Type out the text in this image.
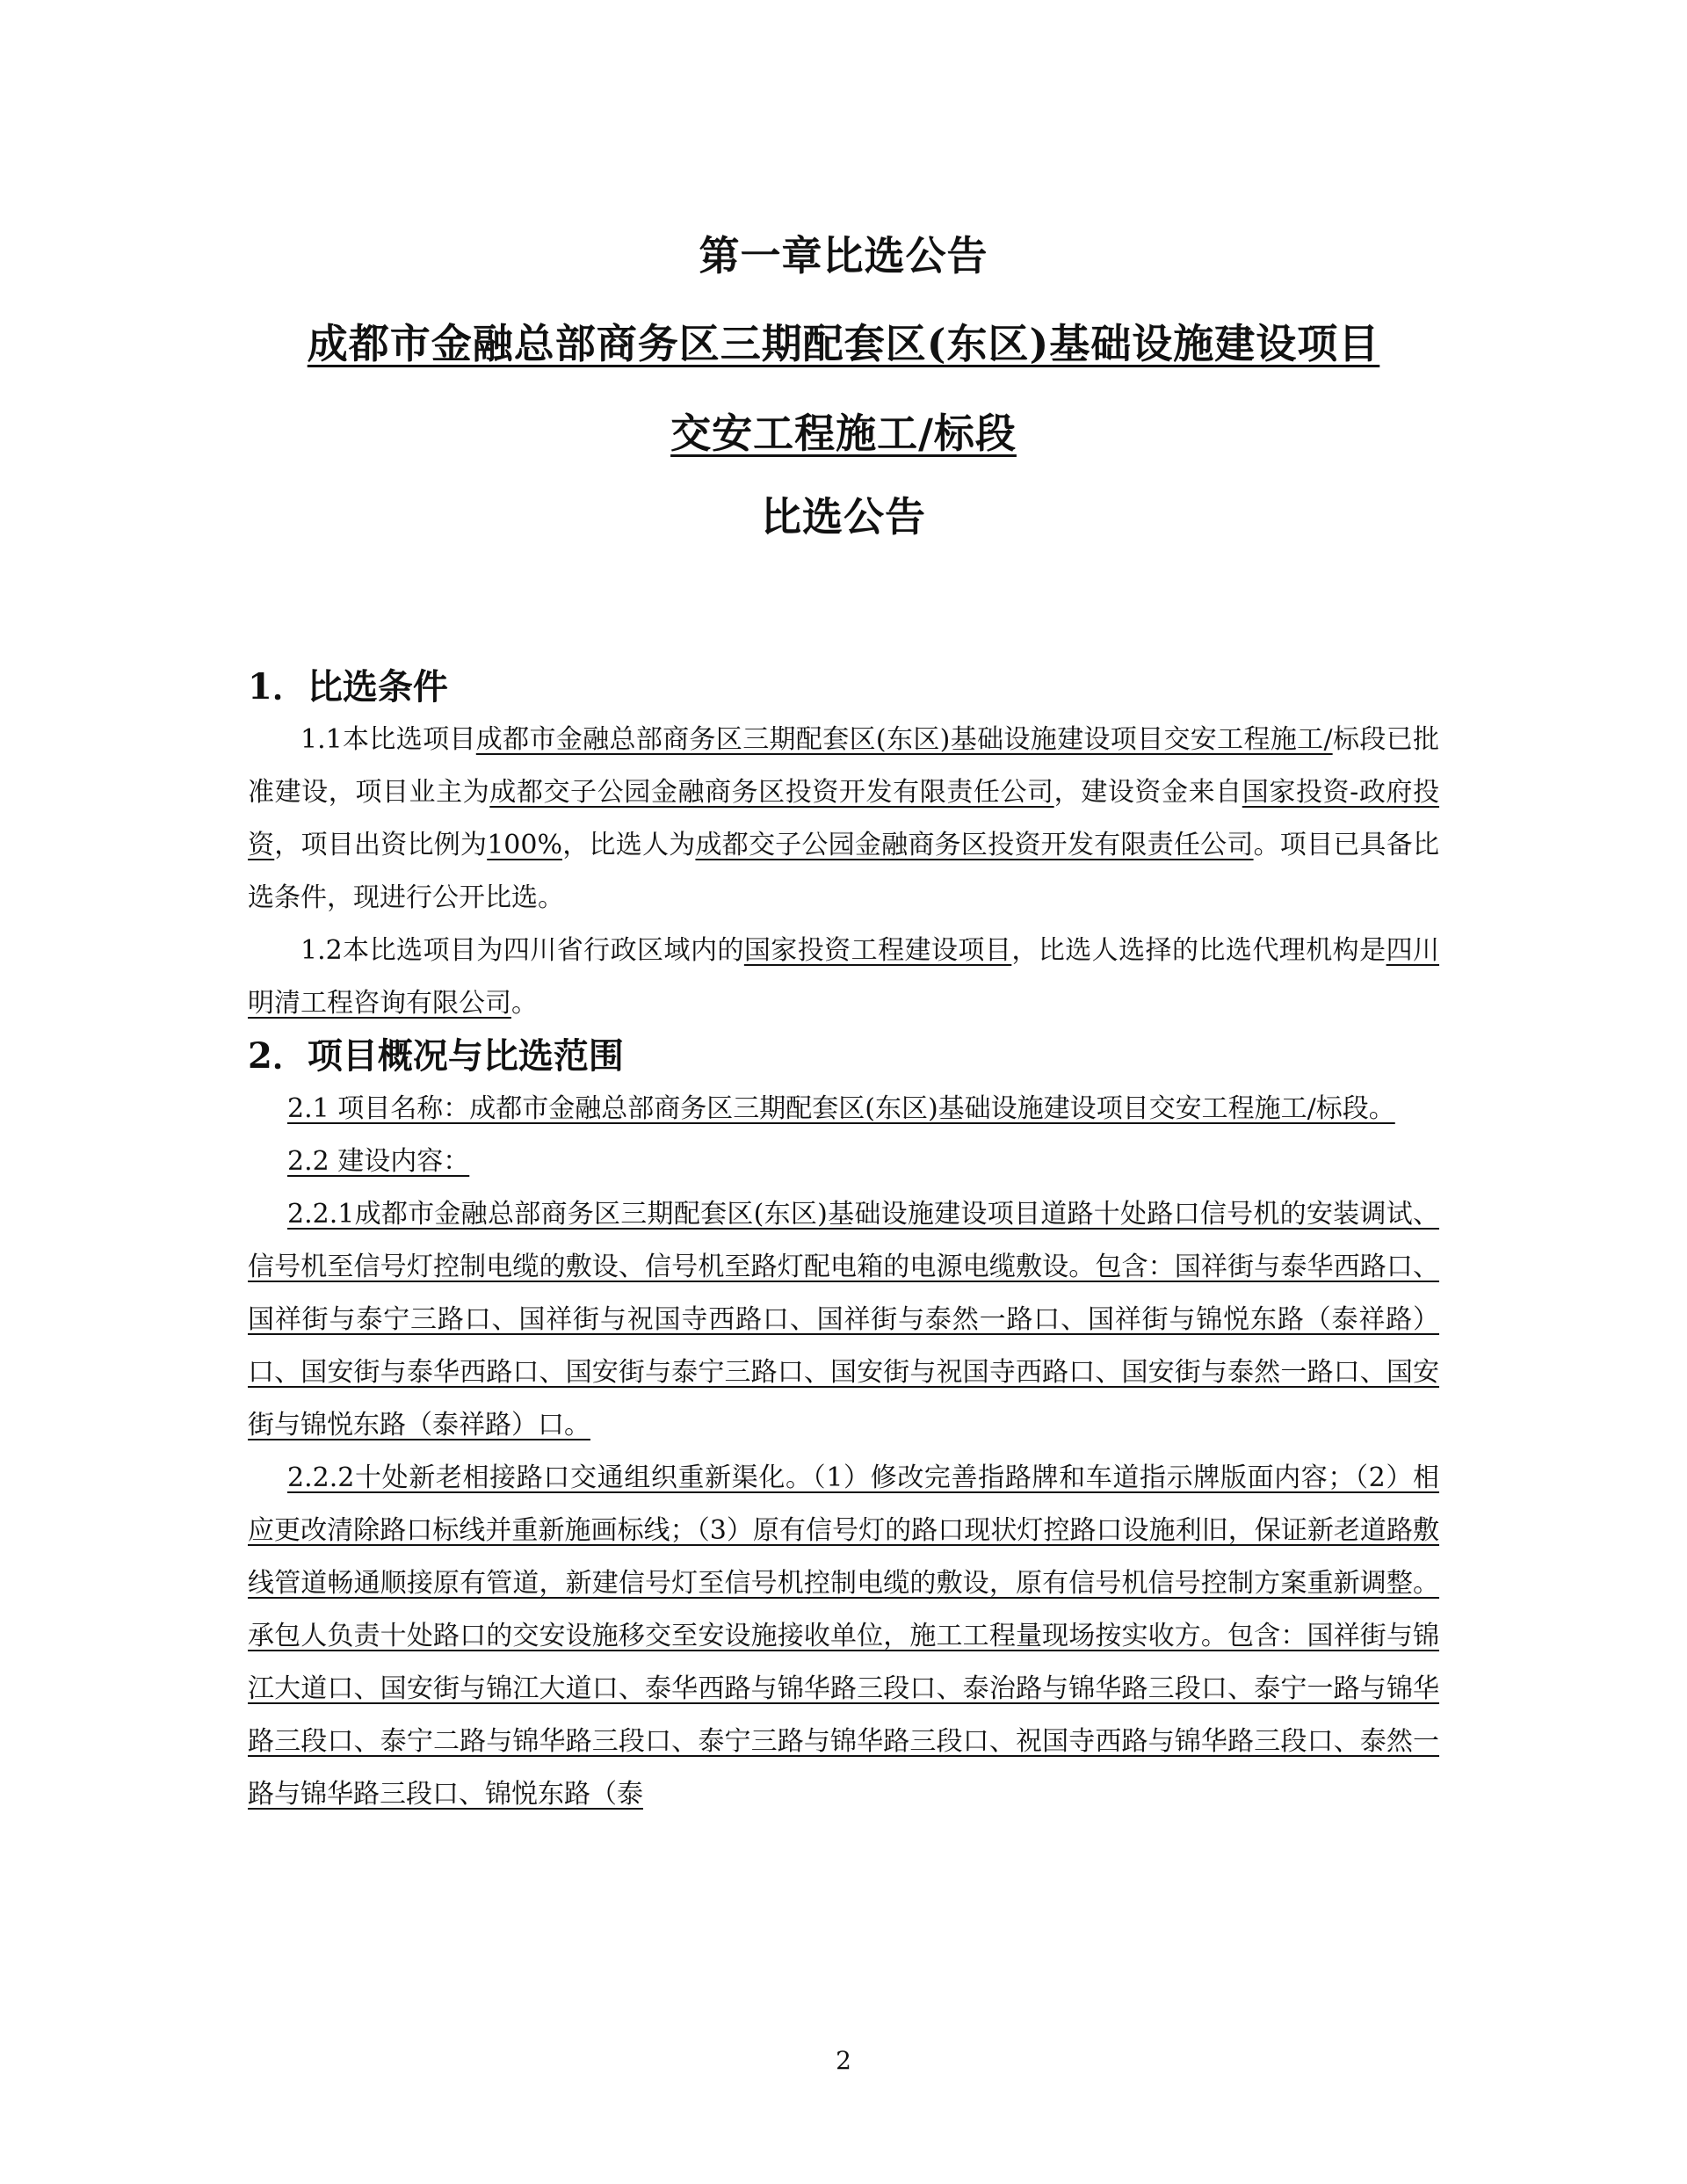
第一章比选公告
成都市金融总部商务区三期配套区(东区)基础设施建设项目
交安工程施工/标段
比选公告
1．比选条件

1.1本比选项目成都市金融总部商务区三期配套区(东区)基础设施建设项目交安工程施工/标段已批准建设，项目业主为成都交子公园金融商务区投资开发有限责任公司，建设资金来自国家投资-政府投资，项目出资比例为100%，比选人为成都交子公园金融商务区投资开发有限责任公司。项目已具备比选条件，现进行公开比选。

1.2本比选项目为四川省行政区域内的国家投资工程建设项目，比选人选择的比选代理机构是四川明清工程咨询有限公司。

2．项目概况与比选范围

2.1 项目名称：成都市金融总部商务区三期配套区(东区)基础设施建设项目交安工程施工/标段。

2.2 建设内容：

2.2.1成都市金融总部商务区三期配套区(东区)基础设施建设项目道路十处路口信号机的安装调试、信号机至信号灯控制电缆的敷设、信号机至路灯配电箱的电源电缆敷设。包含：国祥街与泰华西路口、国祥街与泰宁三路口、国祥街与祝国寺西路口、国祥街与泰然一路口、国祥街与锦悦东路（泰祥路）口、国安街与泰华西路口、国安街与泰宁三路口、国安街与祝国寺西路口、国安街与泰然一路口、国安街与锦悦东路（泰祥路）口。

2.2.2十处新老相接路口交通组织重新渠化。（1）修改完善指路牌和车道指示牌版面内容；（2）相应更改清除路口标线并重新施画标线；（3）原有信号灯的路口现状灯控路口设施利旧，保证新老道路敷线管道畅通顺接原有管道，新建信号灯至信号机控制电缆的敷设，原有信号机信号控制方案重新调整。承包人负责十处路口的交安设施移交至安设施接收单位，施工工程量现场按实收方。包含：国祥街与锦江大道口、国安街与锦江大道口、泰华西路与锦华路三段口、泰治路与锦华路三段口、泰宁一路与锦华路三段口、泰宁二路与锦华路三段口、泰宁三路与锦华路三段口、祝国寺西路与锦华路三段口、泰然一路与锦华路三段口、锦悦东路（泰

2
